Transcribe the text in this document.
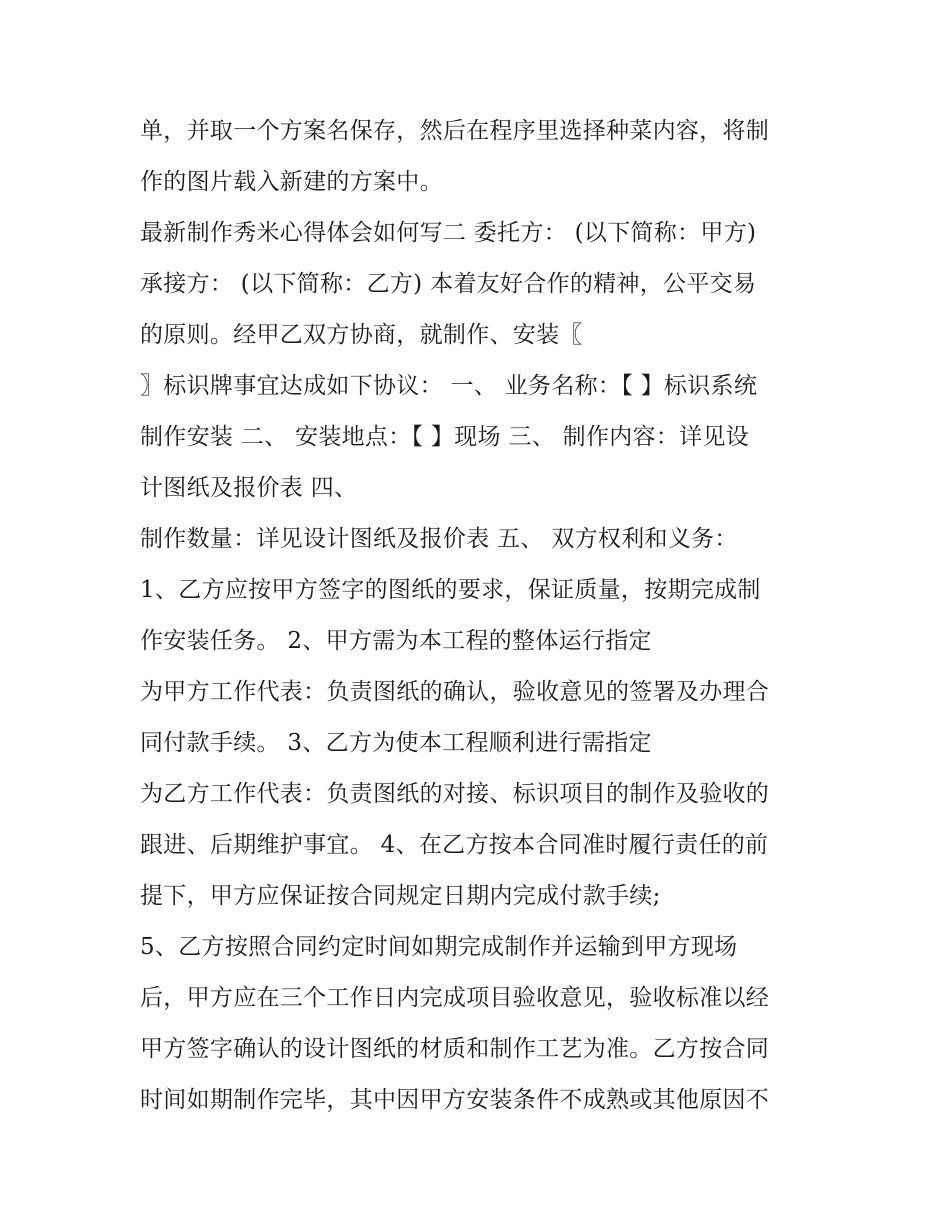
单，并取一个方案名保存，然后在程序里选择种菜内容，将制
作的图片载入新建的方案中。
最新制作秀米心得体会如何写二 委托方： (以下简称：甲方)
承接方： (以下简称：乙方) 本着友好合作的精神，公平交易
的原则。经甲乙双方协商，就制作、安装〖
〗标识牌事宜达成如下协议： 一、 业务名称：【 】标识系统
制作安装 二、 安装地点：【 】现场 三、 制作内容：详见设
计图纸及报价表 四、
制作数量：详见设计图纸及报价表 五、 双方权利和义务：
1、乙方应按甲方签字的图纸的要求，保证质量，按期完成制
作安装任务。 2、甲方需为本工程的整体运行指定
为甲方工作代表：负责图纸的确认，验收意见的签署及办理合
同付款手续。 3、乙方为使本工程顺利进行需指定
为乙方工作代表：负责图纸的对接、标识项目的制作及验收的
跟进、后期维护事宜。 4、在乙方按本合同准时履行责任的前
提下，甲方应保证按合同规定日期内完成付款手续;
5、乙方按照合同约定时间如期完成制作并运输到甲方现场
后，甲方应在三个工作日内完成项目验收意见，验收标准以经
甲方签字确认的设计图纸的材质和制作工艺为准。乙方按合同
时间如期制作完毕，其中因甲方安装条件不成熟或其他原因不
